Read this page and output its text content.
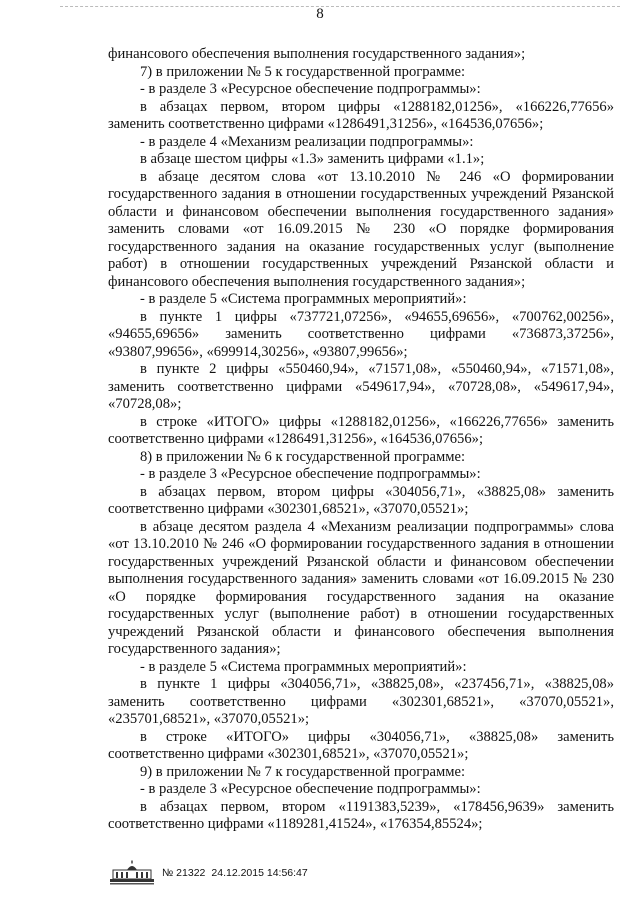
8

финансового обеспечения выполнения государственного задания»;

7) в приложении № 5 к государственной программе:

- в разделе 3 «Ресурсное обеспечение подпрограммы»:

в абзацах первом, втором цифры «1288182,01256», «166226,77656» заменить соответственно цифрами «1286491,31256», «164536,07656»;

- в разделе 4 «Механизм реализации подпрограммы»:

в абзаце шестом цифры «1.3» заменить цифрами «1.1»;

в абзаце десятом слова «от 13.10.2010 № 246 «О формировании государственного задания в отношении государственных учреждений Рязанской области и финансовом обеспечении выполнения государственного задания» заменить словами «от 16.09.2015 № 230 «О порядке формирования государственного задания на оказание государственных услуг (выполнение работ) в отношении государственных учреждений Рязанской области и финансового обеспечения выполнения государственного задания»;

- в разделе 5 «Система программных мероприятий»:

в пункте 1 цифры «737721,07256», «94655,69656», «700762,00256», «94655,69656» заменить соответственно цифрами «736873,37256», «93807,99656», «699914,30256», «93807,99656»;

в пункте 2 цифры «550460,94», «71571,08», «550460,94», «71571,08», заменить соответственно цифрами «549617,94», «70728,08», «549617,94», «70728,08»;

в строке «ИТОГО» цифры «1288182,01256», «166226,77656» заменить соответственно цифрами «1286491,31256», «164536,07656»;

8) в приложении № 6 к государственной программе:

- в разделе 3 «Ресурсное обеспечение подпрограммы»:

в абзацах первом, втором цифры «304056,71», «38825,08» заменить соответственно цифрами «302301,68521», «37070,05521»;

в абзаце десятом раздела 4 «Механизм реализации подпрограммы» слова «от 13.10.2010 № 246 «О формировании государственного задания в отношении государственных учреждений Рязанской области и финансовом обеспечении выполнения государственного задания» заменить словами «от 16.09.2015 № 230 «О порядке формирования государственного задания на оказание государственных услуг (выполнение работ) в отношении государственных учреждений Рязанской области и финансового обеспечения выполнения государственного задания»;

- в разделе 5 «Система программных мероприятий»:

в пункте 1 цифры «304056,71», «38825,08», «237456,71», «38825,08» заменить соответственно цифрами «302301,68521», «37070,05521», «235701,68521», «37070,05521»;

в строке «ИТОГО» цифры «304056,71», «38825,08» заменить соответственно цифрами «302301,68521», «37070,05521»;

9) в приложении № 7 к государственной программе:

- в разделе 3 «Ресурсное обеспечение подпрограммы»:

в абзацах первом, втором «1191383,5239», «178456,9639» заменить соответственно цифрами «1189281,41524», «176354,85524»;

№ 21322 24.12.2015 14:56:47
